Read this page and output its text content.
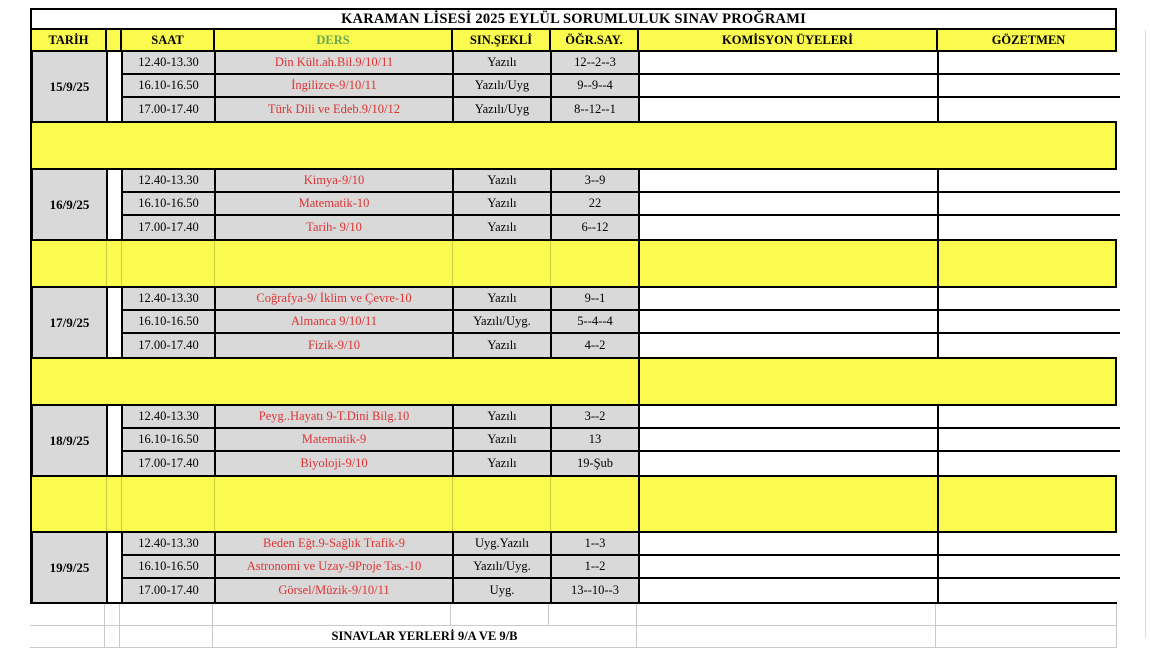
KARAMAN LİSESİ 2025 EYLÜL SORUMLULUK SINAV PROĞRAMI
TARİH	SAAT	DERS	SIN.ŞEKLİ	ÖĞR.SAY.	KOMİSYON ÜYELERİ	GÖZETMEN
15/9/25
12.40-13.30	Din Kült.ah.Bil.9/10/11	Yazılı	12--2--3
16.10-16.50	İngilizce-9/10/11	Yazılı/Uyg	9--9--4
17.00-17.40	Türk Dili ve Edeb.9/10/12	Yazılı/Uyg	8--12--1
16/9/25
12.40-13.30	Kimya-9/10	Yazılı	3--9
16.10-16.50	Matematik-10	Yazılı	22
17.00-17.40	Tarih- 9/10	Yazılı	6--12
17/9/25
12.40-13.30	Coğrafya-9/ İklim ve Çevre-10	Yazılı	9--1
16.10-16.50	Almanca 9/10/11	Yazılı/Uyg.	5--4--4
17.00-17.40	Fizik-9/10	Yazılı	4--2
18/9/25
12.40-13.30	Peyg..Hayatı 9-T.Dini Bilg.10	Yazılı	3--2
16.10-16.50	Matematik-9	Yazılı	13
17.00-17.40	Biyoloji-9/10	Yazılı	19-Şub
19/9/25
12.40-13.30	Beden Eğt.9-Sağlık Trafik-9	Uyg.Yazılı	1--3
16.10-16.50	Astronomi ve Uzay-9Proje Tas.-10	Yazılı/Uyg.	1--2
17.00-17.40	Görsel/Müzik-9/10/11	Uyg.	13--10--3
SINAVLAR YERLERİ 9/A VE 9/B
